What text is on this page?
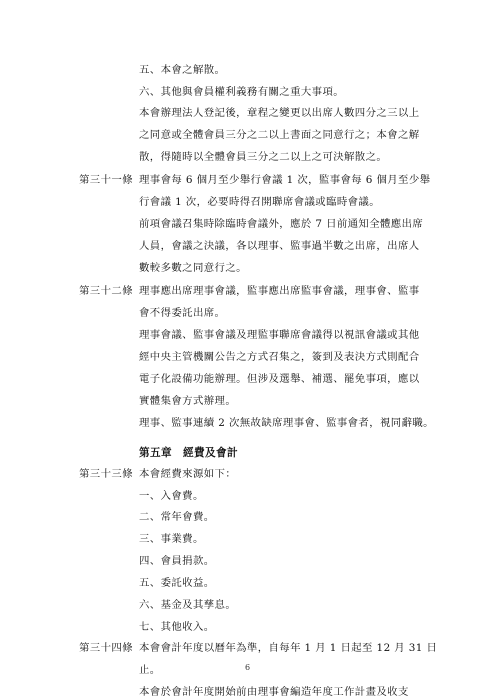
五、本會之解散。
六、其他與會員權利義務有關之重大事項。
本會辦理法人登記後，章程之變更以出席人數四分之三以上
之同意或全體會員三分之二以上書面之同意行之；本會之解
散，得隨時以全體會員三分之二以上之可決解散之。
第三十一條 理事會每 6 個月至少舉行會議 1 次，監事會每 6 個月至少舉
行會議 1 次，必要時得召開聯席會議或臨時會議。
前項會議召集時除臨時會議外，應於 7 日前通知全體應出席
人員，會議之決議，各以理事、監事過半數之出席，出席人
數較多數之同意行之。
第三十二條 理事應出席理事會議，監事應出席監事會議，理事會、監事
會不得委託出席。
理事會議、監事會議及理監事聯席會議得以視訊會議或其他
經中央主管機關公告之方式召集之，簽到及表決方式則配合
電子化設備功能辦理。但涉及選舉、補選、罷免事項，應以
實體集會方式辦理。
理事、監事連續 2 次無故缺席理事會、監事會者，視同辭職。
第五章　經費及會計
第三十三條 本會經費來源如下：
一、入會費。
二、常年會費。
三、事業費。
四、會員捐款。
五、委託收益。
六、基金及其孳息。
七、其他收入。
第三十四條 本會會計年度以曆年為準，自每年 1 月 1 日起至 12 月 31 日
止。
本會於會計年度開始前由理事會編造年度工作計畫及收支
6
